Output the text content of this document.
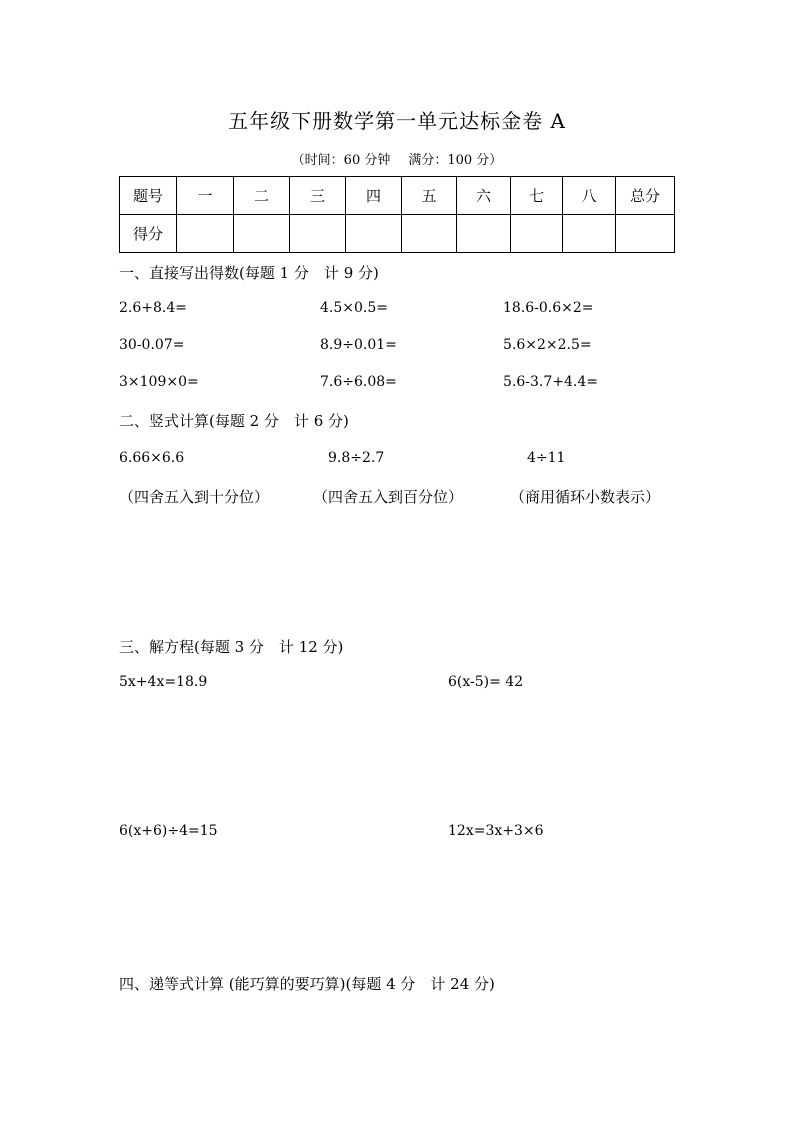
五年级下册数学第一单元达标金卷 A
（时间：60 分钟 满分：100 分）
题号	一	二	三	四	五	六	七	八	总分
得分									
一、直接写出得数(每题 1 分　计 9 分)
2.6+8.4=	4.5×0.5=	18.6-0.6×2=
30-0.07=	8.9÷0.01=	5.6×2×2.5=
3×109×0=	7.6÷6.08=	5.6-3.7+4.4=
二、竖式计算(每题 2 分　计 6 分)
6.66×6.6	9.8÷2.7	4÷11
（四舍五入到十分位）	（四舍五入到百分位）	（商用循环小数表示）
三、解方程(每题 3 分　计 12 分)
5x+4x=18.9	6(x-5)= 42
6(x+6)÷4=15	12x=3x+3×6
四、递等式计算 (能巧算的要巧算)(每题 4 分　计 24 分)
